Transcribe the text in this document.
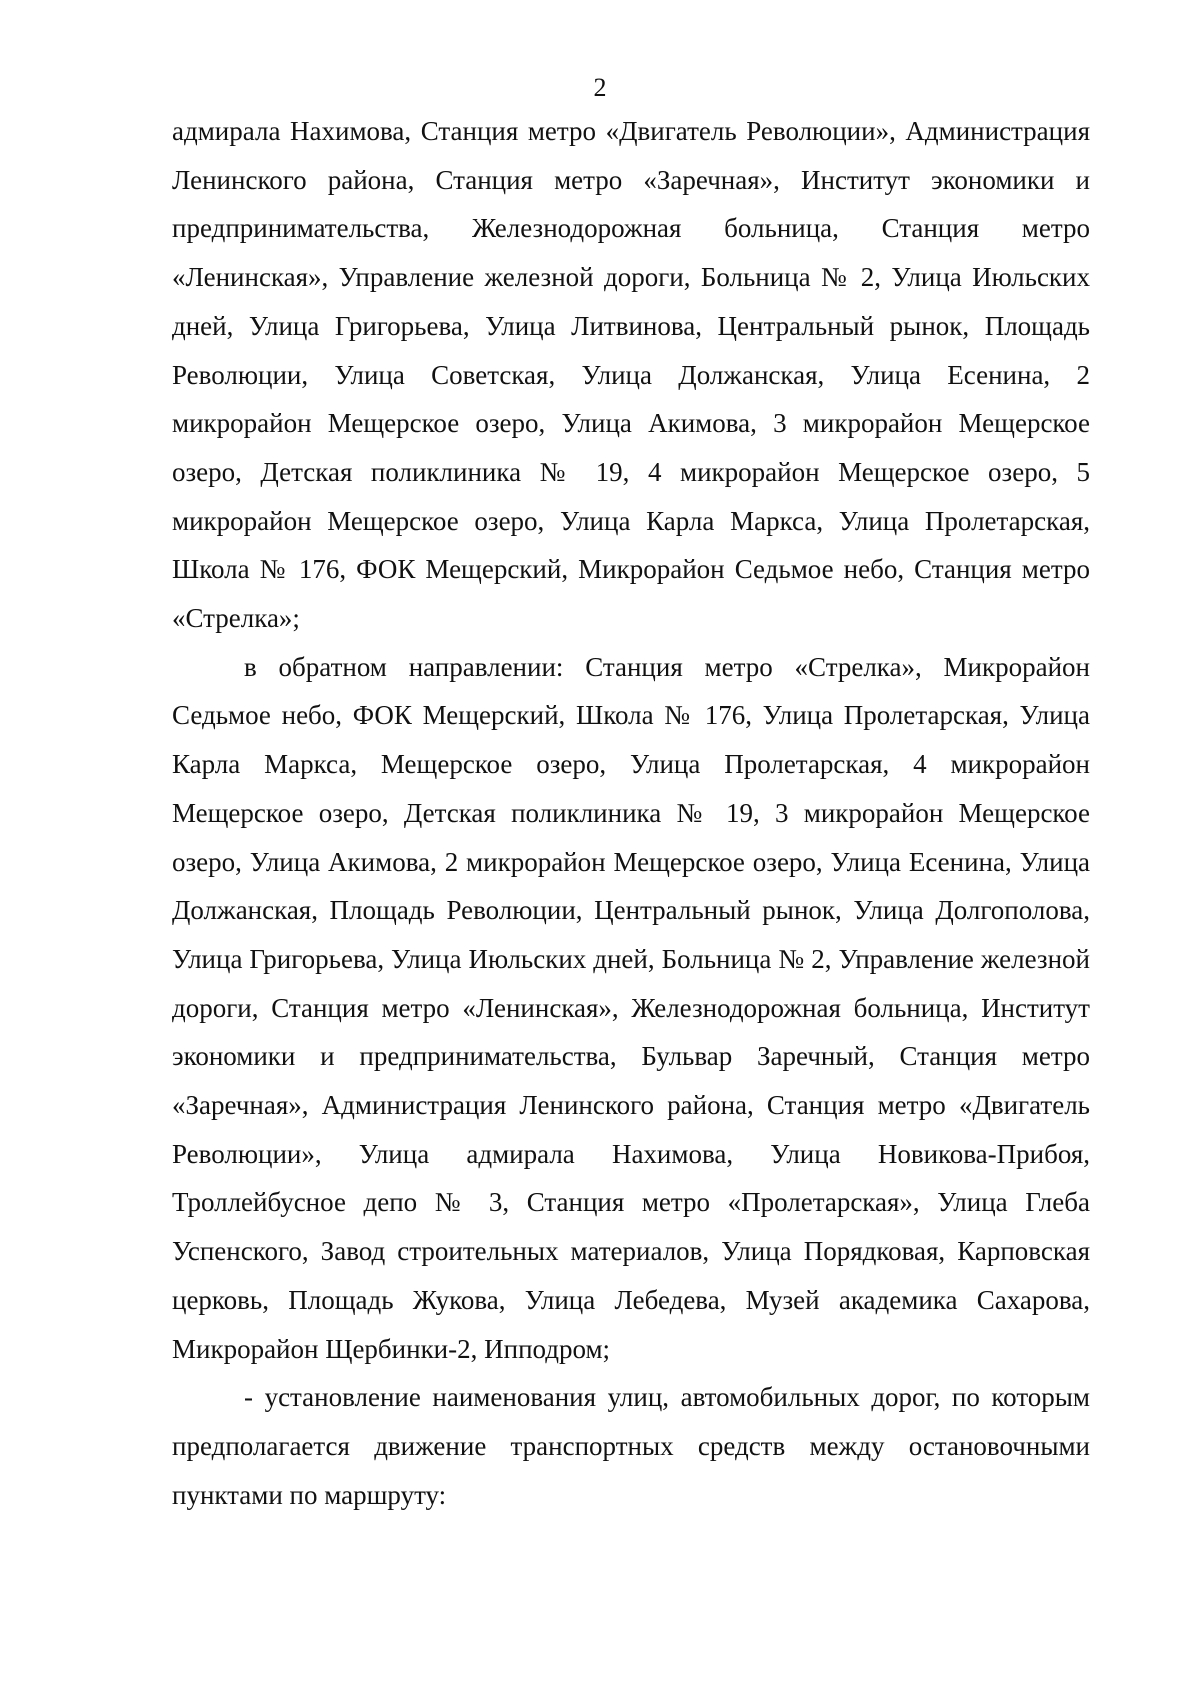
2

адмирала Нахимова, Станция метро «Двигатель Революции», Администрация Ленинского района, Станция метро «Заречная», Институт экономики и предпринимательства, Железнодорожная больница, Станция метро «Ленинская», Управление железной дороги, Больница № 2, Улица Июльских дней, Улица Григорьева, Улица Литвинова, Центральный рынок, Площадь Революции, Улица Советская, Улица Должанская, Улица Есенина, 2 микрорайон Мещерское озеро, Улица Акимова, 3 микрорайон Мещерское озеро, Детская поликлиника № 19, 4 микрорайон Мещерское озеро, 5 микрорайон Мещерское озеро, Улица Карла Маркса, Улица Пролетарская, Школа № 176, ФОК Мещерский, Микрорайон Седьмое небо, Станция метро «Стрелка»;

в обратном направлении: Станция метро «Стрелка», Микрорайон Седьмое небо, ФОК Мещерский, Школа № 176, Улица Пролетарская, Улица Карла Маркса, Мещерское озеро, Улица Пролетарская, 4 микрорайон Мещерское озеро, Детская поликлиника № 19, 3 микрорайон Мещерское озеро, Улица Акимова, 2 микрорайон Мещерское озеро, Улица Есенина, Улица Должанская, Площадь Революции, Центральный рынок, Улица Долгополова, Улица Григорьева, Улица Июльских дней, Больница № 2, Управление железной дороги, Станция метро «Ленинская», Железнодорожная больница, Институт экономики и предпринимательства, Бульвар Заречный, Станция метро «Заречная», Администрация Ленинского района, Станция метро «Двигатель Революции», Улица адмирала Нахимова, Улица Новикова-Прибоя, Троллейбусное депо № 3, Станция метро «Пролетарская», Улица Глеба Успенского, Завод строительных материалов, Улица Порядковая, Карповская церковь, Площадь Жукова, Улица Лебедева, Музей академика Сахарова, Микрорайон Щербинки-2, Ипподром;

- установление наименования улиц, автомобильных дорог, по которым предполагается движение транспортных средств между остановочными пунктами по маршруту:
